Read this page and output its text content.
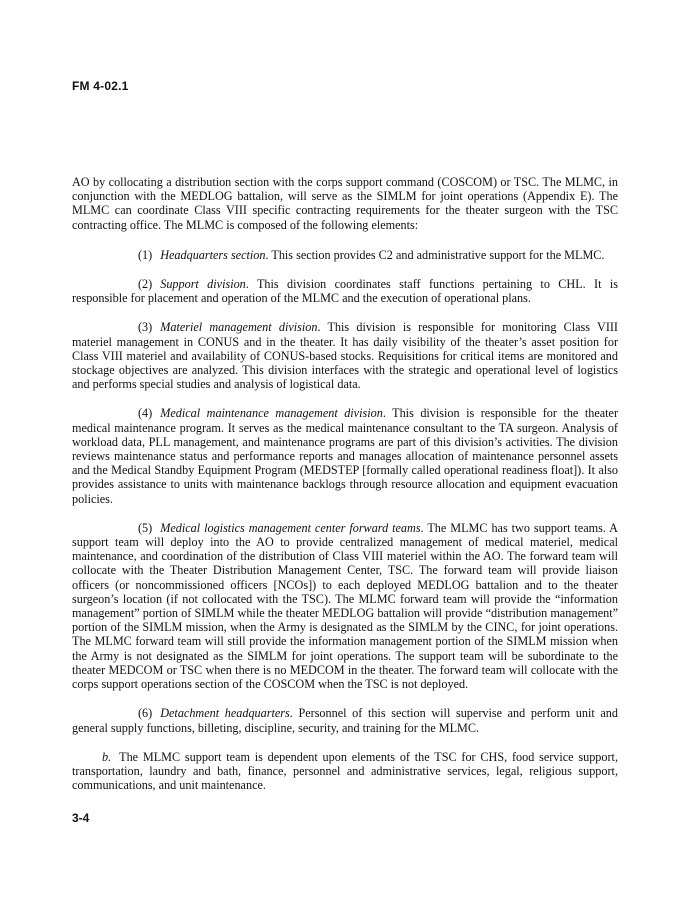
FM 4-02.1

AO by collocating a distribution section with the corps support command (COSCOM) or TSC. The MLMC, in conjunction with the MEDLOG battalion, will serve as the SIMLM for joint operations (Appendix E). The MLMC can coordinate Class VIII specific contracting requirements for the theater surgeon with the TSC contracting office. The MLMC is composed of the following elements:

(1) Headquarters section. This section provides C2 and administrative support for the MLMC.

(2) Support division. This division coordinates staff functions pertaining to CHL. It is responsible for placement and operation of the MLMC and the execution of operational plans.

(3) Materiel management division. This division is responsible for monitoring Class VIII materiel management in CONUS and in the theater. It has daily visibility of the theater’s asset position for Class VIII materiel and availability of CONUS-based stocks. Requisitions for critical items are monitored and stockage objectives are analyzed. This division interfaces with the strategic and operational level of logistics and performs special studies and analysis of logistical data.

(4) Medical maintenance management division. This division is responsible for the theater medical maintenance program. It serves as the medical maintenance consultant to the TA surgeon. Analysis of workload data, PLL management, and maintenance programs are part of this division’s activities. The division reviews maintenance status and performance reports and manages allocation of maintenance personnel assets and the Medical Standby Equipment Program (MEDSTEP [formally called operational readiness float]). It also provides assistance to units with maintenance backlogs through resource allocation and equipment evacuation policies.

(5) Medical logistics management center forward teams. The MLMC has two support teams. A support team will deploy into the AO to provide centralized management of medical materiel, medical maintenance, and coordination of the distribution of Class VIII materiel within the AO. The forward team will collocate with the Theater Distribution Management Center, TSC. The forward team will provide liaison officers (or noncommissioned officers [NCOs]) to each deployed MEDLOG battalion and to the theater surgeon’s location (if not collocated with the TSC). The MLMC forward team will provide the “information management” portion of SIMLM while the theater MEDLOG battalion will provide “distribution management” portion of the SIMLM mission, when the Army is designated as the SIMLM by the CINC, for joint operations. The MLMC forward team will still provide the information management portion of the SIMLM mission when the Army is not designated as the SIMLM for joint operations. The support team will be subordinate to the theater MEDCOM or TSC when there is no MEDCOM in the theater. The forward team will collocate with the corps support operations section of the COSCOM when the TSC is not deployed.

(6) Detachment headquarters. Personnel of this section will supervise and perform unit and general supply functions, billeting, discipline, security, and training for the MLMC.

b. The MLMC support team is dependent upon elements of the TSC for CHS, food service support, transportation, laundry and bath, finance, personnel and administrative services, legal, religious support, communications, and unit maintenance.

3-4
